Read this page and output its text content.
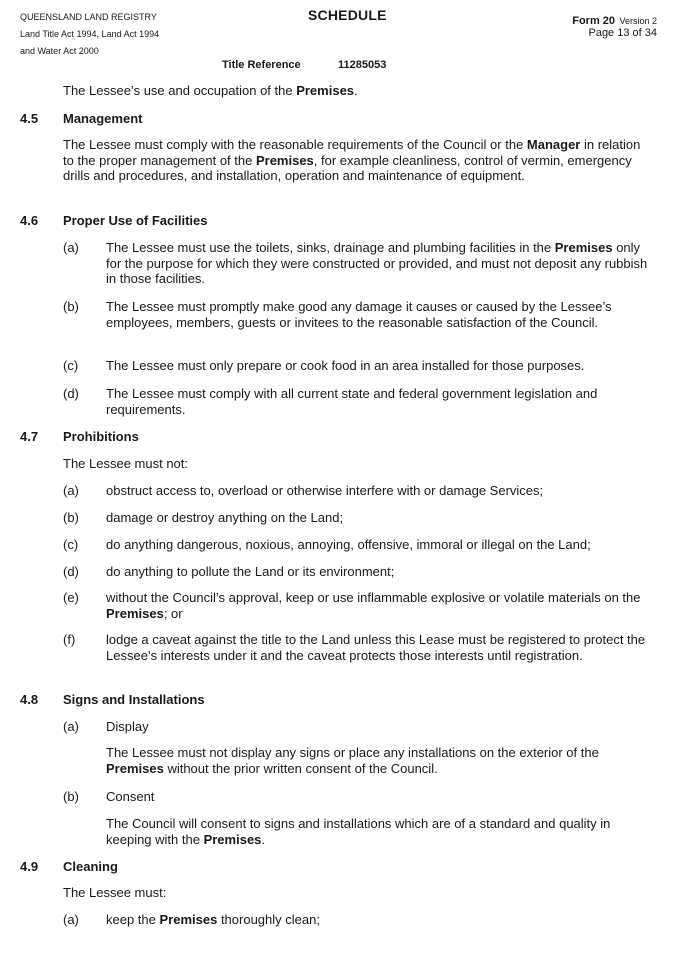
QUEENSLAND LAND REGISTRY
Land Title Act 1994, Land Act 1994
and Water Act 2000
SCHEDULE	Form 20 Version 2
Page 13 of 34
Title Reference	11285053
The Lessee’s use and occupation of the Premises.
4.5 Management
The Lessee must comply with the reasonable requirements of the Council or the Manager in relation to the proper management of the Premises, for example cleanliness, control of vermin, emergency drills and procedures, and installation, operation and maintenance of equipment.
4.6 Proper Use of Facilities
(a) The Lessee must use the toilets, sinks, drainage and plumbing facilities in the Premises only for the purpose for which they were constructed or provided, and must not deposit any rubbish in those facilities.
(b) The Lessee must promptly make good any damage it causes or caused by the Lessee’s employees, members, guests or invitees to the reasonable satisfaction of the Council.
(c) The Lessee must only prepare or cook food in an area installed for those purposes.
(d) The Lessee must comply with all current state and federal government legislation and requirements.
4.7 Prohibitions
The Lessee must not:
(a) obstruct access to, overload or otherwise interfere with or damage Services;
(b) damage or destroy anything on the Land;
(c) do anything dangerous, noxious, annoying, offensive, immoral or illegal on the Land;
(d) do anything to pollute the Land or its environment;
(e) without the Council’s approval, keep or use inflammable explosive or volatile materials on the Premises; or
(f) lodge a caveat against the title to the Land unless this Lease must be registered to protect the Lessee’s interests under it and the caveat protects those interests until registration.
4.8 Signs and Installations
(a) Display
The Lessee must not display any signs or place any installations on the exterior of the Premises without the prior written consent of the Council.
(b) Consent
The Council will consent to signs and installations which are of a standard and quality in keeping with the Premises.
4.9 Cleaning
The Lessee must:
(a) keep the Premises thoroughly clean;
